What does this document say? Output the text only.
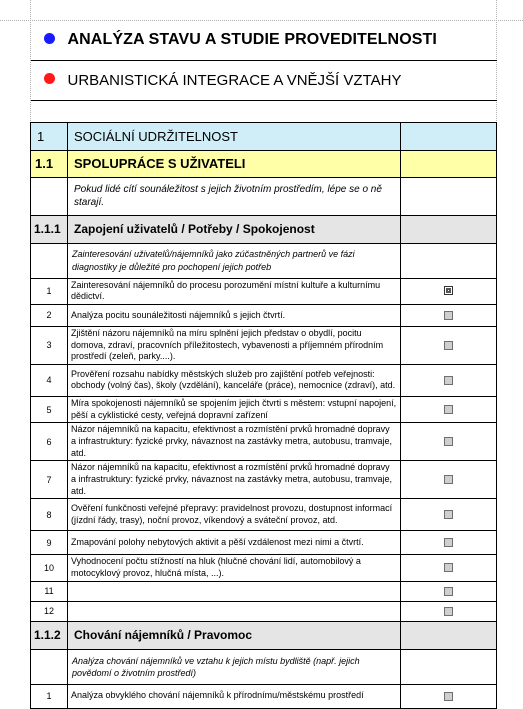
	ANALÝZA STAVU A STUDIE PROVEDITELNOSTI	
	URBANISTICKÁ INTEGRACE A VNĚJŠÍ VZTAHY	

1	SOCIÁLNÍ UDRŽITELNOST	
1.1	SPOLUPRÁCE S UŽIVATELI	
	Pokud lidé cítí sounáležitost s jejich životním prostředím, lépe se o ně starají.	
1.1.1	Zapojení uživatelů / Potřeby / Spokojenost	
	Zainteresování uživatelů/nájemníků jako zúčastněných partnerů ve fázi diagnostiky je důležité pro pochopení jejich potřeb	
1	Zainteresování nájemníků do procesu porozumění místní kultuře a kulturnímu dědictví.	
2	Analýza pocitu sounáležitosti nájemníků s jejich čtvrtí.	
3	Zjištění názoru nájemníků na míru splnění jejich představ o obydlí, pocitu domova, zdraví, pracovních příležitostech, vybavenosti a příjemném přírodním prostředí (zeleň, parky....).	
4	Prověření rozsahu nabídky městských služeb pro zajištění potřeb veřejnosti: obchody (volný čas), školy (vzdělání), kanceláře (práce), nemocnice (zdraví), atd.	
5	Míra spokojenosti nájemníků se spojením jejich čtvrti s městem: vstupní napojení, pěší a cyklistické cesty, veřejná dopravní zařízení	
6	Názor nájemníků na kapacitu, efektivnost a rozmístění prvků hromadné dopravy a infrastruktury: fyzické prvky, návaznost na zastávky metra, autobusu, tramvaje, atd.	
7	Názor nájemníků na kapacitu, efektivnost a rozmístění prvků hromadné dopravy a infrastruktury: fyzické prvky, návaznost na zastávky metra, autobusu, tramvaje, atd.	
8	Ověření funkčnosti veřejné přepravy: pravidelnost provozu, dostupnost informací (jízdní řády, trasy), noční provoz, víkendový a sváteční provoz, atd.	
9	Zmapování polohy nebytových aktivit a pěší vzdálenost mezi nimi a čtvrtí.	
10	Vyhodnocení počtu stížností na hluk (hlučné chování lidí, automobilový a motocyklový provoz, hlučná místa, ...).	
11		
12		
1.1.2	Chování nájemníků / Pravomoc	
	Analýza chování nájemníků ve vztahu k jejich místu bydliště (např. jejich povědomí o životním prostředí)	
1	Analýza obvyklého chování nájemníků k přírodnímu/městskému prostředí	
